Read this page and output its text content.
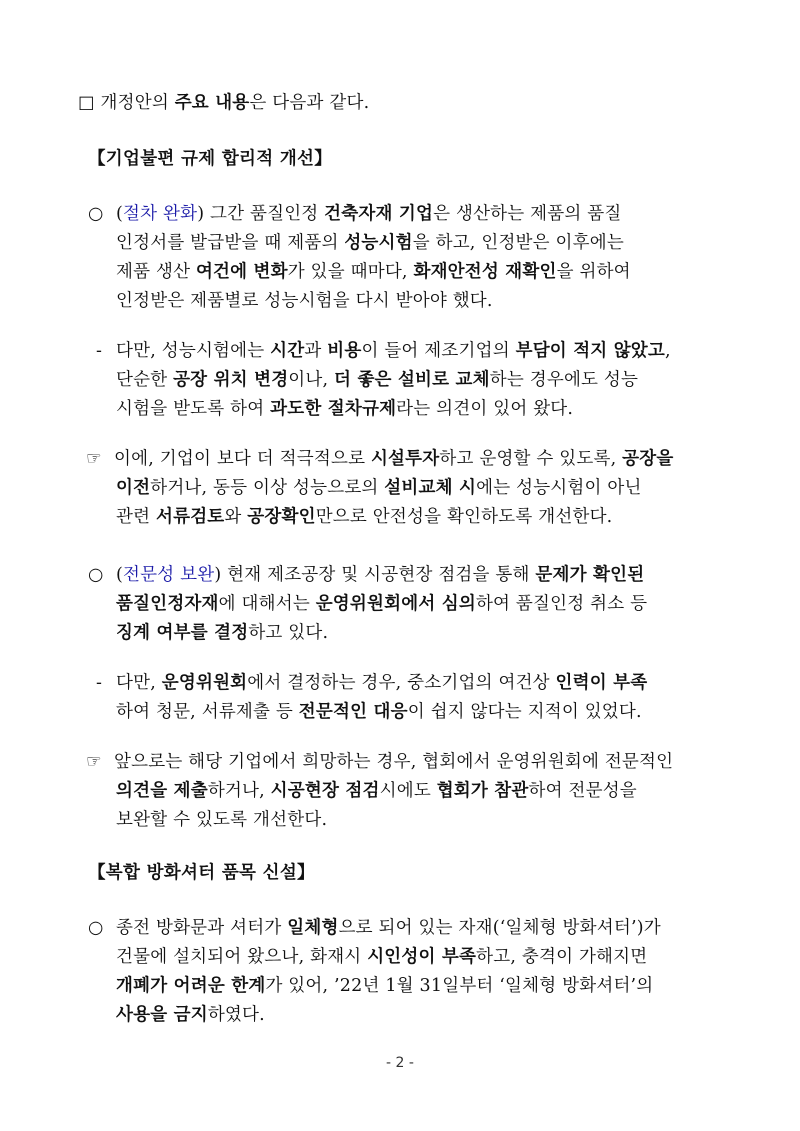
□ 개정안의 주요 내용은 다음과 같다.
【기업불편 규제 합리적 개선】
○ (절차 완화) 그간 품질인정 건축자재 기업은 생산하는 제품의 품질
인정서를 발급받을 때 제품의 성능시험을 하고, 인정받은 이후에는
제품 생산 여건에 변화가 있을 때마다, 화재안전성 재확인을 위하여
인정받은 제품별로 성능시험을 다시 받아야 했다.
- 다만, 성능시험에는 시간과 비용이 들어 제조기업의 부담이 적지 않았고,
단순한 공장 위치 변경이나, 더 좋은 설비로 교체하는 경우에도 성능
시험을 받도록 하여 과도한 절차규제라는 의견이 있어 왔다.
☞ 이에, 기업이 보다 더 적극적으로 시설투자하고 운영할 수 있도록, 공장을
이전하거나, 동등 이상 성능으로의 설비교체 시에는 성능시험이 아닌
관련 서류검토와 공장확인만으로 안전성을 확인하도록 개선한다.
○ (전문성 보완) 현재 제조공장 및 시공현장 점검을 통해 문제가 확인된
품질인정자재에 대해서는 운영위원회에서 심의하여 품질인정 취소 등
징계 여부를 결정하고 있다.
- 다만, 운영위원회에서 결정하는 경우, 중소기업의 여건상 인력이 부족
하여 청문, 서류제출 등 전문적인 대응이 쉽지 않다는 지적이 있었다.
☞ 앞으로는 해당 기업에서 희망하는 경우, 협회에서 운영위원회에 전문적인
의견을 제출하거나, 시공현장 점검시에도 협회가 참관하여 전문성을
보완할 수 있도록 개선한다.
【복합 방화셔터 품목 신설】
○ 종전 방화문과 셔터가 일체형으로 되어 있는 자재(‘일체형 방화셔터’)가
건물에 설치되어 왔으나, 화재시 시인성이 부족하고, 충격이 가해지면
개폐가 어려운 한계가 있어, ’22년 1월 31일부터 ‘일체형 방화셔터’의
사용을 금지하였다.
- 2 -
